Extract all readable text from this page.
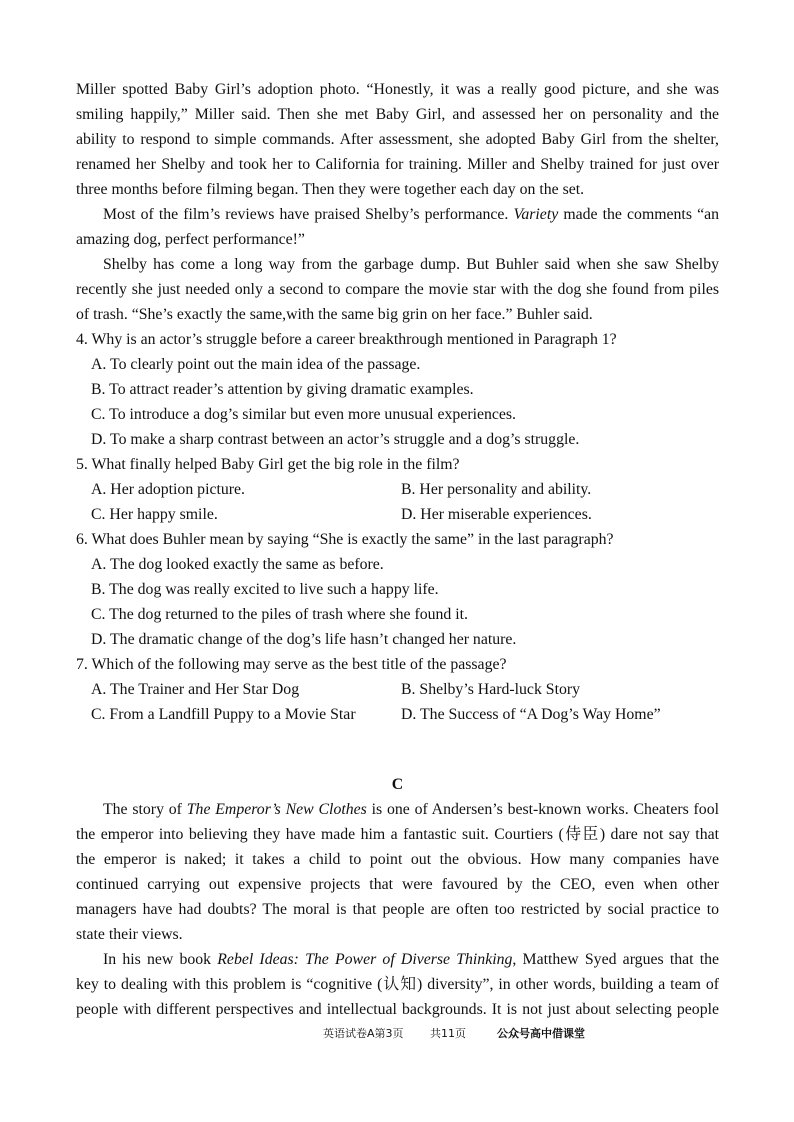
Miller spotted Baby Girl’s adoption photo. “Honestly, it was a really good picture, and she was
smiling happily,” Miller said. Then she met Baby Girl, and assessed her on personality and the
ability to respond to simple commands. After assessment, she adopted Baby Girl from the shelter,
renamed her Shelby and took her to California for training. Miller and Shelby trained for just over
three months before filming began. Then they were together each day on the set.
Most of the film’s reviews have praised Shelby’s performance. Variety made the comments “an
amazing dog, perfect performance!”
Shelby has come a long way from the garbage dump. But Buhler said when she saw Shelby
recently she just needed only a second to compare the movie star with the dog she found from piles
of trash. “She’s exactly the same,with the same big grin on her face.” Buhler said.
4. Why is an actor’s struggle before a career breakthrough mentioned in Paragraph 1?
A. To clearly point out the main idea of the passage.
B. To attract reader’s attention by giving dramatic examples.
C. To introduce a dog’s similar but even more unusual experiences.
D. To make a sharp contrast between an actor’s struggle and a dog’s struggle.
5. What finally helped Baby Girl get the big role in the film?
A. Her adoption picture.	B. Her personality and ability.
C. Her happy smile.	D. Her miserable experiences.
6. What does Buhler mean by saying “She is exactly the same” in the last paragraph?
A. The dog looked exactly the same as before.
B. The dog was really excited to live such a happy life.
C. The dog returned to the piles of trash where she found it.
D. The dramatic change of the dog’s life hasn’t changed her nature.
7. Which of the following may serve as the best title of the passage?
A. The Trainer and Her Star Dog	B. Shelby’s Hard-luck Story
C. From a Landfill Puppy to a Movie Star	D. The Success of “A Dog’s Way Home”
C
The story of The Emperor’s New Clothes is one of Andersen’s best-known works. Cheaters fool
the emperor into believing they have made him a fantastic suit. Courtiers (侍臣) dare not say that
the emperor is naked; it takes a child to point out the obvious. How many companies have
continued carrying out expensive projects that were favoured by the CEO, even when other
managers have had doubts? The moral is that people are often too restricted by social practice to
state their views.
In his new book Rebel Ideas: The Power of Diverse Thinking, Matthew Syed argues that the
key to dealing with this problem is “cognitive (认知) diversity”, in other words, building a team of
people with different perspectives and intellectual backgrounds. It is not just about selecting people
英语试卷A第3页 共11页	公众号高中借课堂
